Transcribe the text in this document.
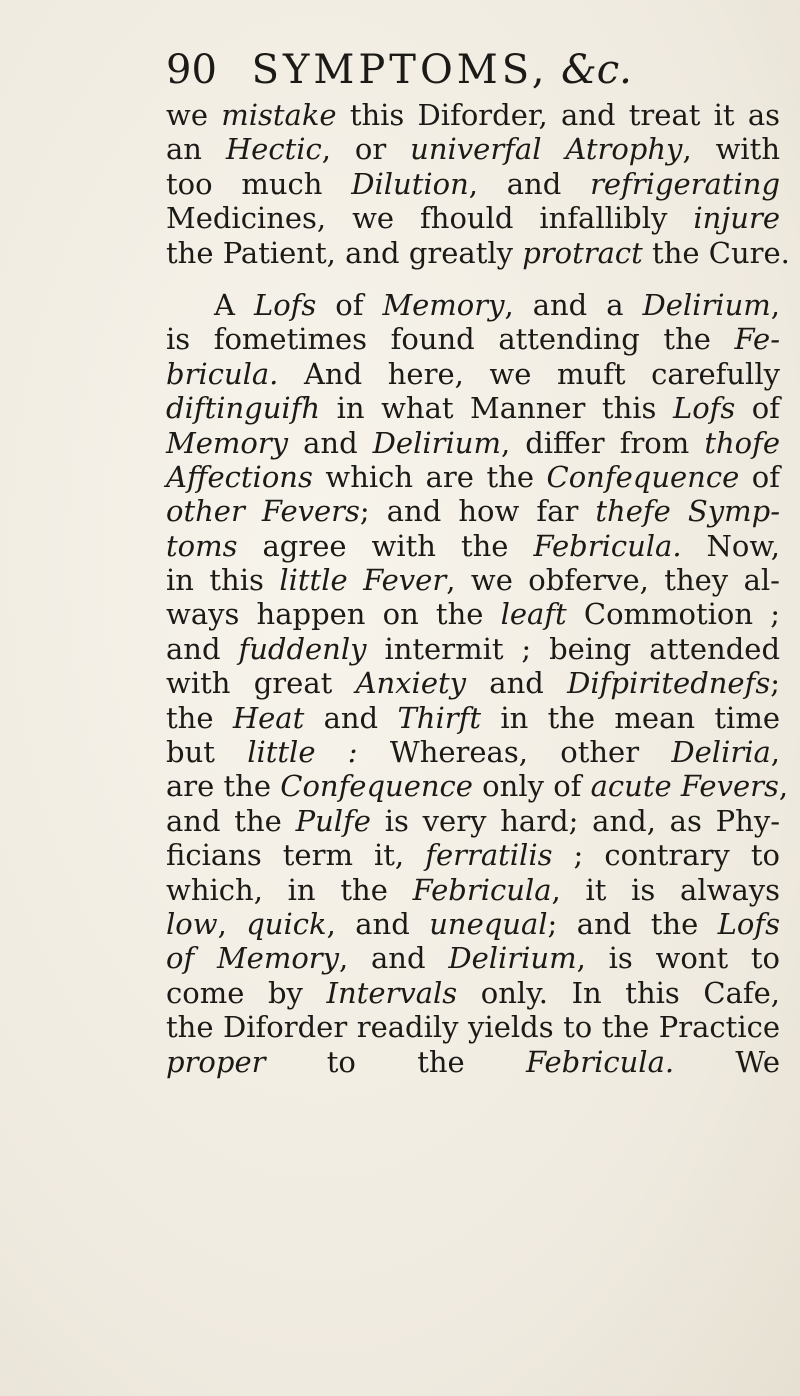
90 SYMPTOMS, &c.
we mistake this Diforder, and treat it as
an Hectic, or univerfal Atrophy, with
too much Dilution, and refrigerating
Medicines, we fhould infallibly injure
the Patient, and greatly protract the Cure.
A Lofs of Memory, and a Delirium,
is fometimes found attending the Fe-
bricula. And here, we muft carefully
diftinguifh in what Manner this Lofs of
Memory and Delirium, differ from thofe
Affections which are the Confequence of
other Fevers; and how far thefe Symp-
toms agree with the Febricula. Now,
in this little Fever, we obferve, they al-
ways happen on the leaft Commotion ;
and fuddenly intermit ; being attended
with great Anxiety and Difpiritednefs;
the Heat and Thirft in the mean time
but little : Whereas, other Deliria,
are the Confequence only of acute Fevers,
and the Pulfe is very hard; and, as Phy-
ficians term it, ferratilis ; contrary to
which, in the Febricula, it is always
low, quick, and unequal; and the Lofs
of Memory, and Delirium, is wont to
come by Intervals only. In this Cafe,
the Diforder readily yields to the Practice
proper to the Febricula. We
